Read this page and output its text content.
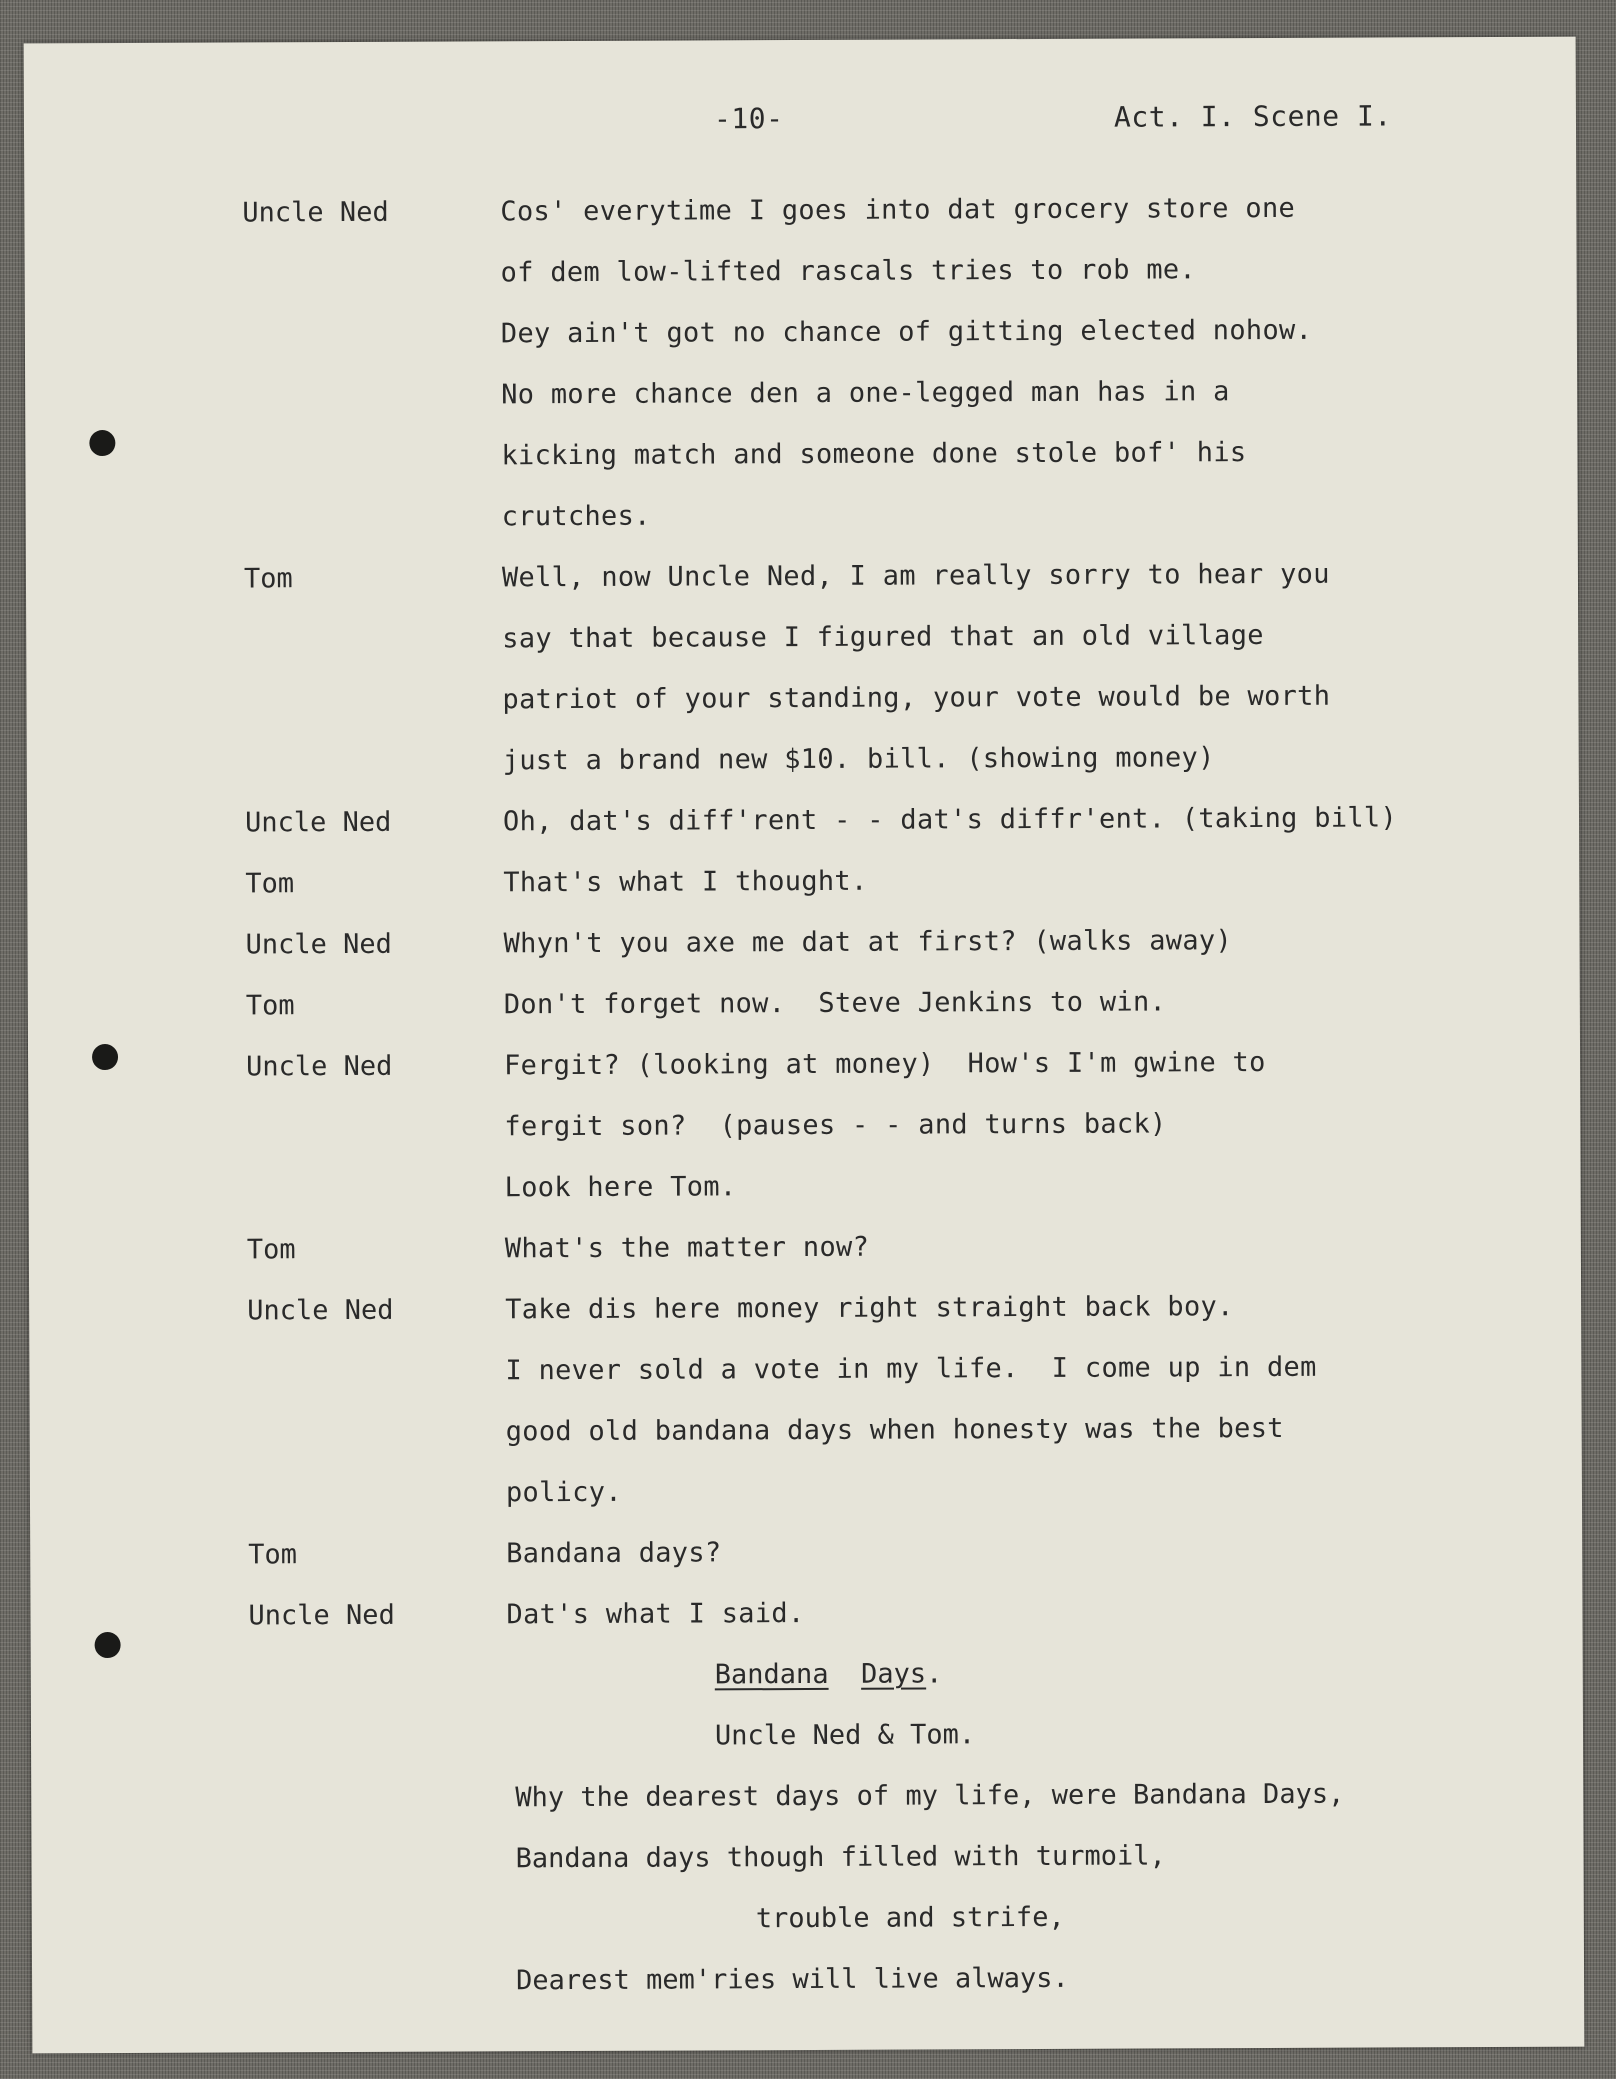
-10-	Act. I. Scene I.
Uncle Ned	Cos' everytime I goes into dat grocery store one
of dem low-lifted rascals tries to rob me.
Dey ain't got no chance of gitting elected nohow.
No more chance den a one-legged man has in a
kicking match and someone done stole bof' his
crutches.
Tom	Well, now Uncle Ned, I am really sorry to hear you
say that because I figured that an old village
patriot of your standing, your vote would be worth
just a brand new $10. bill. (showing money)
Uncle Ned	Oh, dat's diff'rent - - dat's diffr'ent. (taking bill)
Tom	That's what I thought.
Uncle Ned	Whyn't you axe me dat at first? (walks away)
Tom	Don't forget now.  Steve Jenkins to win.
Uncle Ned	Fergit? (looking at money)  How's I'm gwine to
fergit son?  (pauses - - and turns back)
Look here Tom.
Tom	What's the matter now?
Uncle Ned	Take dis here money right straight back boy.
I never sold a vote in my life.  I come up in dem
good old bandana days when honesty was the best
policy.
Tom	Bandana days?
Uncle Ned	Dat's what I said.
Bandana Days.
Uncle Ned & Tom.
Why the dearest days of my life, were Bandana Days,
Bandana days though filled with turmoil,
trouble and strife,
Dearest mem'ries will live always.
